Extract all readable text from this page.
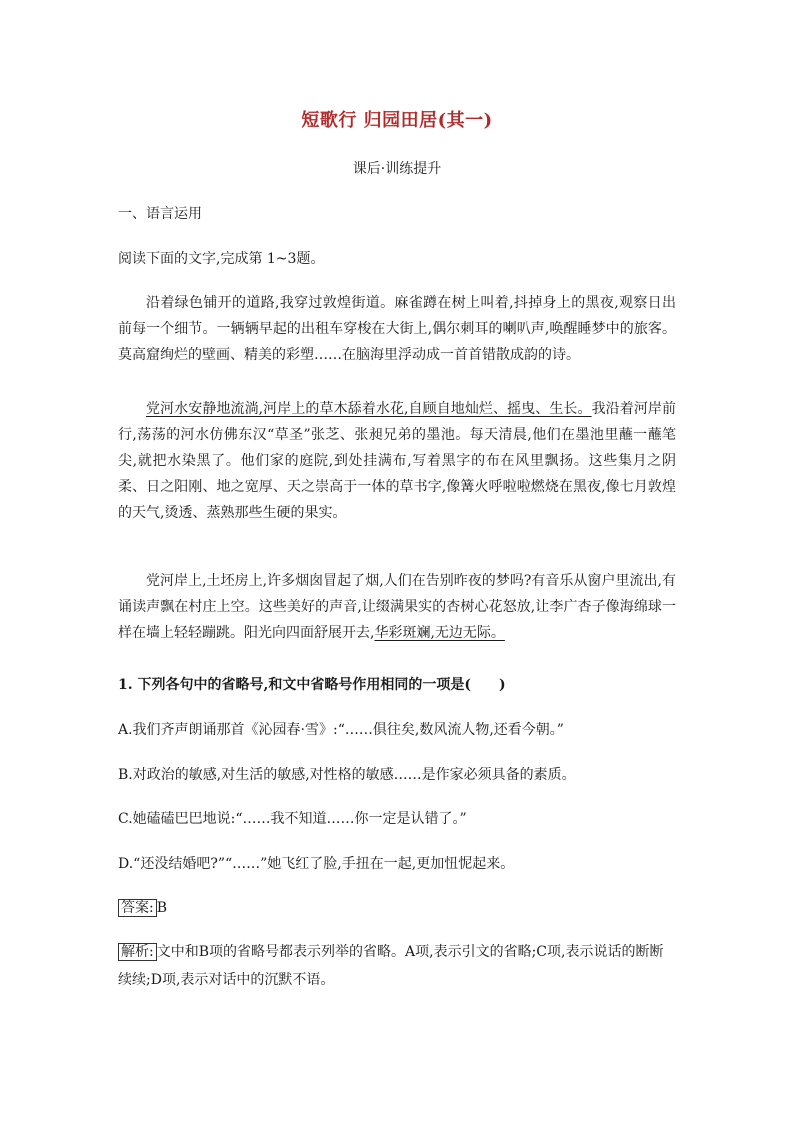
短歌行 归园田居(其一)
课后·训练提升
一、语言运用
阅读下面的文字,完成第 1~3题。
沿着绿色铺开的道路,我穿过敦煌街道。麻雀蹲在树上叫着,抖掉身上的黑夜,观察日出前每一个细节。一辆辆早起的出租车穿梭在大街上,偶尔刺耳的喇叭声,唤醒睡梦中的旅客。莫高窟绚烂的壁画、精美的彩塑……在脑海里浮动成一首首错散成韵的诗。
党河水安静地流淌,河岸上的草木舔着水花,自顾自地灿烂、摇曳、生长。我沿着河岸前行,荡荡的河水仿佛东汉“草圣”张芝、张昶兄弟的墨池。每天清晨,他们在墨池里蘸一蘸笔尖,就把水染黑了。他们家的庭院,到处挂满布,写着黑字的布在风里飘扬。这些集月之阴柔、日之阳刚、地之宽厚、天之崇高于一体的草书字,像篝火呼啦啦燃烧在黑夜,像七月敦煌的天气,烫透、蒸熟那些生硬的果实。
党河岸上,土坯房上,许多烟囱冒起了烟,人们在告别昨夜的梦吗?有音乐从窗户里流出,有诵读声飘在村庄上空。这些美好的声音,让缀满果实的杏树心花怒放,让李广杏子像海绵球一样在墙上轻轻蹦跳。阳光向四面舒展开去,华彩斑斓,无边无际。
1. 下列各句中的省略号,和文中省略号作用相同的一项是(　　)
A.我们齐声朗诵那首《沁园春·雪》:“……俱往矣,数风流人物,还看今朝。”
B.对政治的敏感,对生活的敏感,对性格的敏感……是作家必须具备的素质。
C.她磕磕巴巴地说:“……我不知道……你一定是认错了。”
D.“还没结婚吧?”“……”她飞红了脸,手扭在一起,更加忸怩起来。
答案: B
解析: 文中和B项的省略号都表示列举的省略。A项,表示引文的省略;C项,表示说话的断断续续;D项,表示对话中的沉默不语。
